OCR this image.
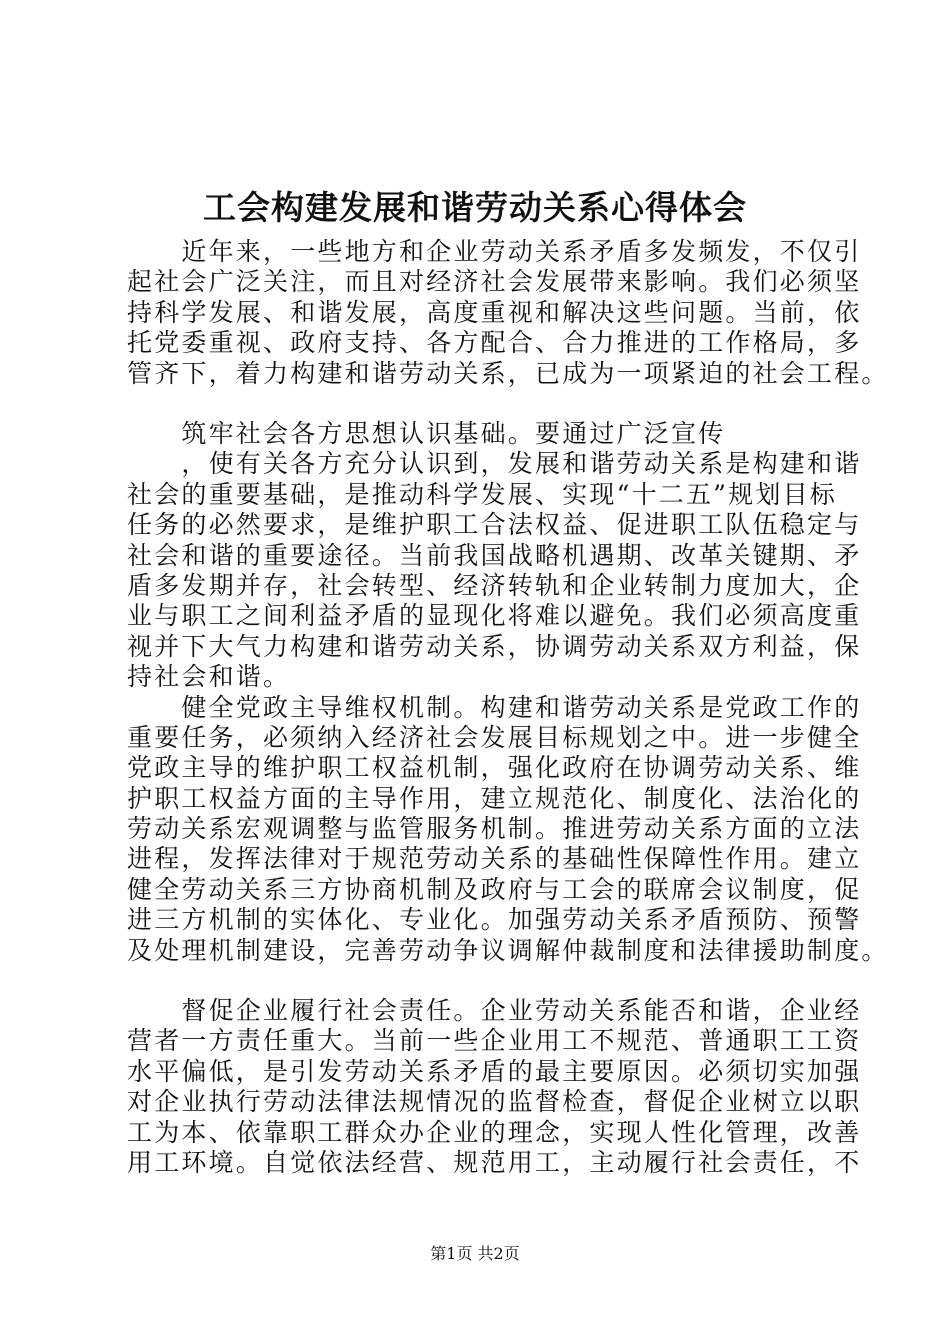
工会构建发展和谐劳动关系心得体会
　　近年来，一些地方和企业劳动关系矛盾多发频发，不仅引
起社会广泛关注，而且对经济社会发展带来影响。我们必须坚
持科学发展、和谐发展，高度重视和解决这些问题。当前，依
托党委重视、政府支持、各方配合、合力推进的工作格局，多
管齐下，着力构建和谐劳动关系，已成为一项紧迫的社会工程。
　　筑牢社会各方思想认识基础。要通过广泛宣传
　　，使有关各方充分认识到，发展和谐劳动关系是构建和谐
社会的重要基础，是推动科学发展、实现“十二五”规划目标
任务的必然要求，是维护职工合法权益、促进职工队伍稳定与
社会和谐的重要途径。当前我国战略机遇期、改革关键期、矛
盾多发期并存，社会转型、经济转轨和企业转制力度加大，企
业与职工之间利益矛盾的显现化将难以避免。我们必须高度重
视并下大气力构建和谐劳动关系，协调劳动关系双方利益，保
持社会和谐。
　　健全党政主导维权机制。构建和谐劳动关系是党政工作的
重要任务，必须纳入经济社会发展目标规划之中。进一步健全
党政主导的维护职工权益机制，强化政府在协调劳动关系、维
护职工权益方面的主导作用，建立规范化、制度化、法治化的
劳动关系宏观调整与监管服务机制。推进劳动关系方面的立法
进程，发挥法律对于规范劳动关系的基础性保障性作用。建立
健全劳动关系三方协商机制及政府与工会的联席会议制度，促
进三方机制的实体化、专业化。加强劳动关系矛盾预防、预警
及处理机制建设，完善劳动争议调解仲裁制度和法律援助制度。
　　督促企业履行社会责任。企业劳动关系能否和谐，企业经
营者一方责任重大。当前一些企业用工不规范、普通职工工资
水平偏低，是引发劳动关系矛盾的最主要原因。必须切实加强
对企业执行劳动法律法规情况的监督检查，督促企业树立以职
工为本、依靠职工群众办企业的理念，实现人性化管理，改善
用工环境。自觉依法经营、规范用工，主动履行社会责任，不
第1页 共2页
